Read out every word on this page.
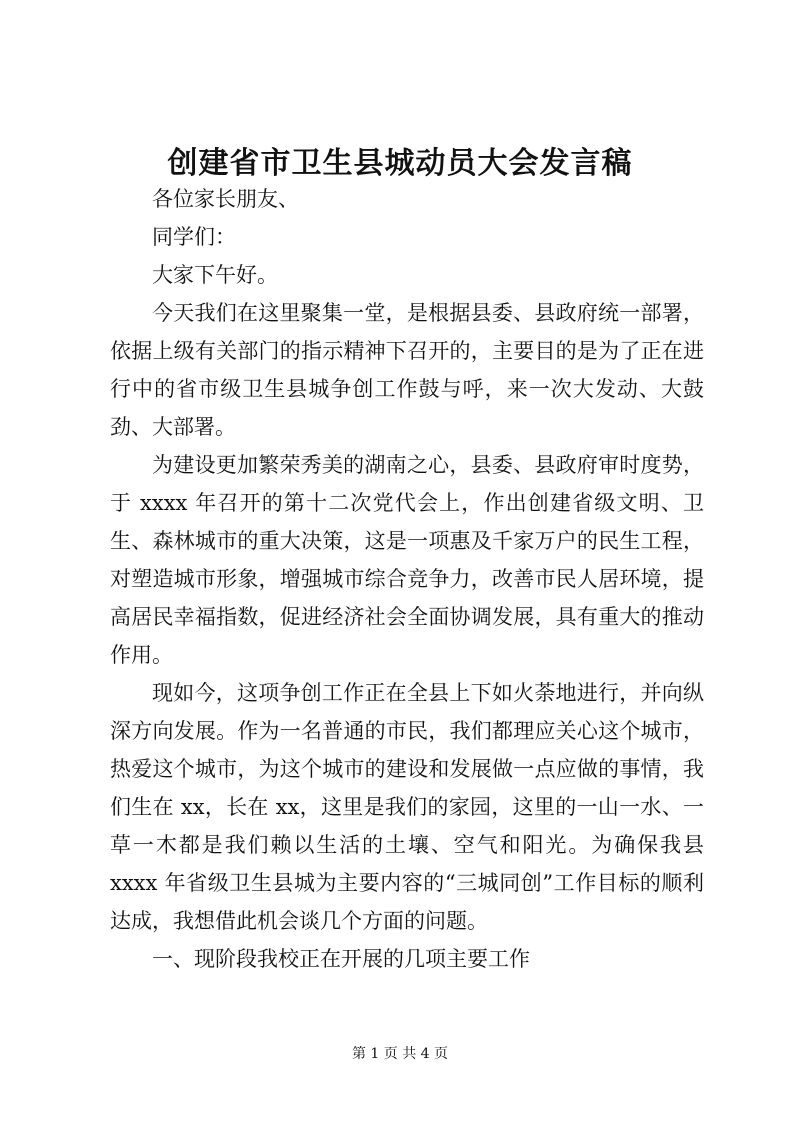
创建省市卫生县城动员大会发言稿

各位家长朋友、

同学们：

大家下午好。

今天我们在这里聚集一堂，是根据县委、县政府统一部署，依据上级有关部门的指示精神下召开的，主要目的是为了正在进行中的省市级卫生县城争创工作鼓与呼，来一次大发动、大鼓劲、大部署。

为建设更加繁荣秀美的湖南之心，县委、县政府审时度势，于 xxxx 年召开的第十二次党代会上，作出创建省级文明、卫生、森林城市的重大决策，这是一项惠及千家万户的民生工程，对塑造城市形象，增强城市综合竞争力，改善市民人居环境，提高居民幸福指数，促进经济社会全面协调发展，具有重大的推动作用。

现如今，这项争创工作正在全县上下如火荼地进行，并向纵深方向发展。作为一名普通的市民，我们都理应关心这个城市，热爱这个城市，为这个城市的建设和发展做一点应做的事情，我们生在 xx，长在 xx，这里是我们的家园，这里的一山一水、一草一木都是我们赖以生活的土壤、空气和阳光。为确保我县 xxxx 年省级卫生县城为主要内容的“三城同创”工作目标的顺利达成，我想借此机会谈几个方面的问题。

一、现阶段我校正在开展的几项主要工作

第 1 页 共 4 页
